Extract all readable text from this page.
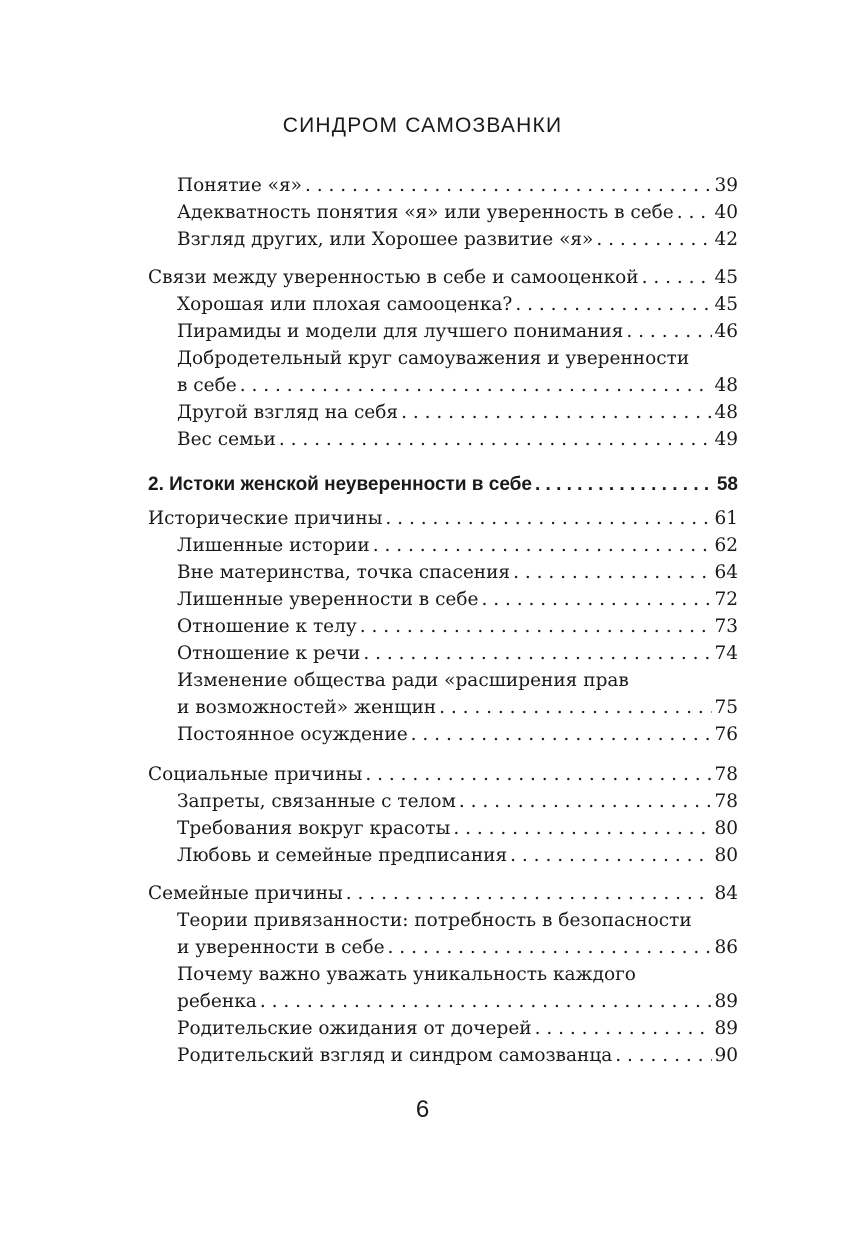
СИНДРОМ САМОЗВАНКИ
Понятие «я» . . .	39
Адекватность понятия «я» или уверенность в себе . . . 40
Взгляд других, или Хорошее развитие «я» . . .	42
Связи между уверенностью в себе и самооценкой . . .	45
Хорошая или плохая самооценка? . . .	45
Пирамиды и модели для лучшего понимания . . .	46
Добродетельный круг самоуважения и уверенности
в себе . . .	48
Другой взгляд на себя . . .	48
Вес семьи . . .	49
2. Истоки женской неуверенности в себе . . .	58
Исторические причины . . .	61
Лишенные истории . . .	62
Вне материнства, точка спасения . . .	64
Лишенные уверенности в себе . . .	72
Отношение к телу . . .	73
Отношение к речи . . .	74
Изменение общества ради «расширения прав
и возможностей» женщин . . .	75
Постоянное осуждение . . .	76
Социальные причины . . .	78
Запреты, связанные с телом . . .	78
Требования вокруг красоты . . .	80
Любовь и семейные предписания . . .	80
Семейные причины . . .	84
Теории привязанности: потребность в безопасности
и уверенности в себе . . .	86
Почему важно уважать уникальность каждого
ребенка . . .	89
Родительские ожидания от дочерей . . .	89
Родительский взгляд и синдром самозванца . . .	90
6
